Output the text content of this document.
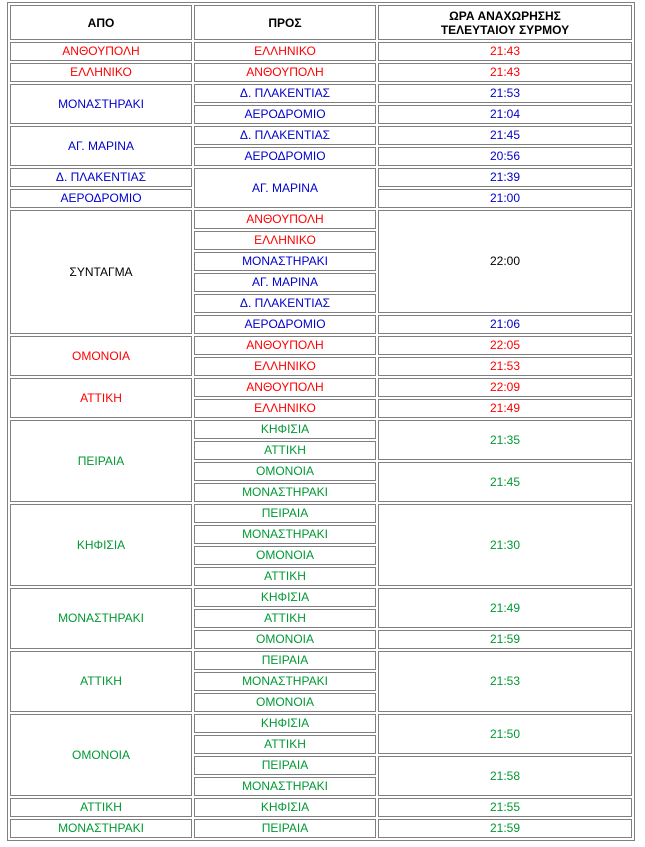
ΑΠΟ	ΠΡΟΣ	ΩΡΑ ΑΝΑΧΩΡΗΣΗΣ
ΤΕΛΕΥΤΑΙΟΥ ΣΥΡΜΟΥ
ΑΝΘΟΥΠΟΛΗ	ΕΛΛΗΝΙΚΟ	21:43
ΕΛΛΗΝΙΚΟ	ΑΝΘΟΥΠΟΛΗ	21:43
ΜΟΝΑΣΤΗΡΑΚΙ	Δ. ΠΛΑΚΕΝΤΙΑΣ	21:53
	ΑΕΡΟΔΡΟΜΙΟ	21:04
ΑΓ. ΜΑΡΙΝΑ	Δ. ΠΛΑΚΕΝΤΙΑΣ	21:45
	ΑΕΡΟΔΡΟΜΙΟ	20:56
Δ. ΠΛΑΚΕΝΤΙΑΣ	ΑΓ. ΜΑΡΙΝΑ	21:39
ΑΕΡΟΔΡΟΜΙΟ		21:00
ΣΥΝΤΑΓΜΑ	ΑΝΘΟΥΠΟΛΗ	22:00
	ΕΛΛΗΝΙΚΟ	
	ΜΟΝΑΣΤΗΡΑΚΙ	
	ΑΓ. ΜΑΡΙΝΑ	
	Δ. ΠΛΑΚΕΝΤΙΑΣ	
	ΑΕΡΟΔΡΟΜΙΟ	21:06
ΟΜΟΝΟΙΑ	ΑΝΘΟΥΠΟΛΗ	22:05
	ΕΛΛΗΝΙΚΟ	21:53
ΑΤΤΙΚΗ	ΑΝΘΟΥΠΟΛΗ	22:09
	ΕΛΛΗΝΙΚΟ	21:49
ΠΕΙΡΑΙΑ	ΚΗΦΙΣΙΑ	21:35
	ΑΤΤΙΚΗ	
	ΟΜΟΝΟΙΑ	21:45
	ΜΟΝΑΣΤΗΡΑΚΙ	
ΚΗΦΙΣΙΑ	ΠΕΙΡΑΙΑ	21:30
	ΜΟΝΑΣΤΗΡΑΚΙ	
	ΟΜΟΝΟΙΑ	
	ΑΤΤΙΚΗ	
ΜΟΝΑΣΤΗΡΑΚΙ	ΚΗΦΙΣΙΑ	21:49
	ΑΤΤΙΚΗ	
	ΟΜΟΝΟΙΑ	21:59
ΑΤΤΙΚΗ	ΠΕΙΡΑΙΑ	21:53
	ΜΟΝΑΣΤΗΡΑΚΙ	
	ΟΜΟΝΟΙΑ	
ΟΜΟΝΟΙΑ	ΚΗΦΙΣΙΑ	21:50
	ΑΤΤΙΚΗ	
	ΠΕΙΡΑΙΑ	21:58
	ΜΟΝΑΣΤΗΡΑΚΙ	
ΑΤΤΙΚΗ	ΚΗΦΙΣΙΑ	21:55
ΜΟΝΑΣΤΗΡΑΚΙ	ΠΕΙΡΑΙΑ	21:59
